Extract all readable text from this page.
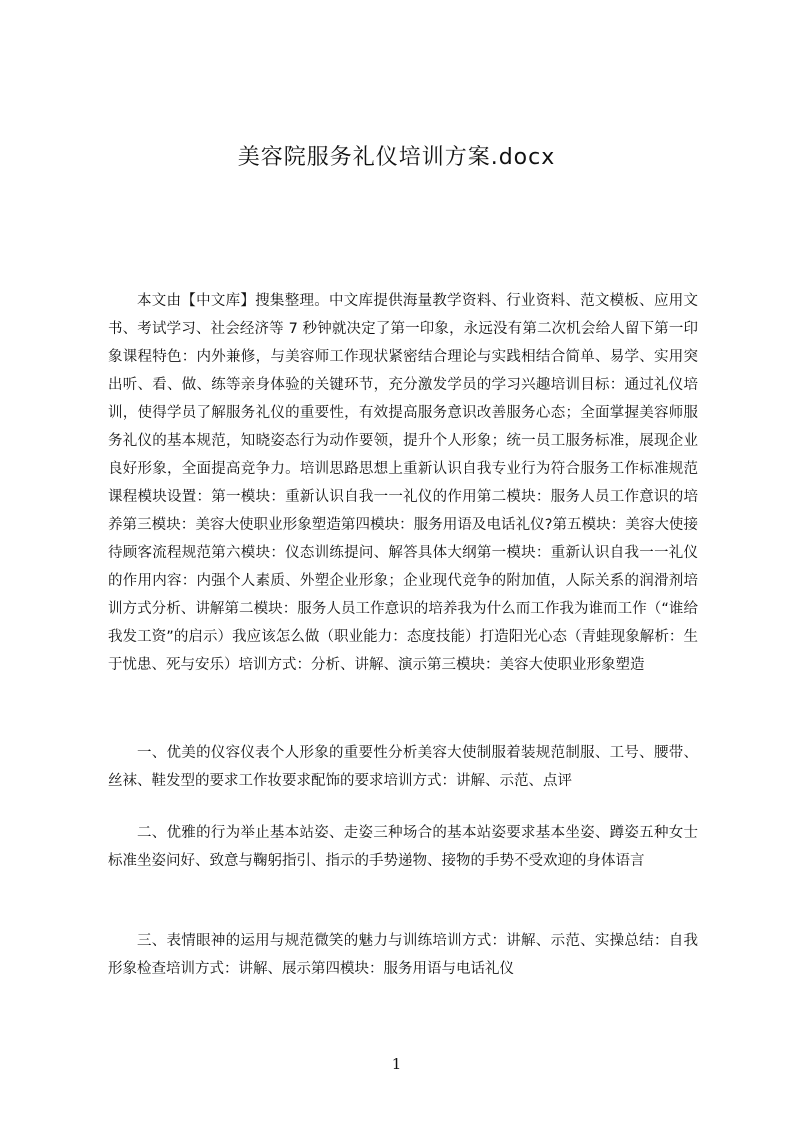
美容院服务礼仪培训方案.docx

本文由【中文库】搜集整理。中文库提供海量教学资料、行业资料、范文模板、应用文书、考试学习、社会经济等 7 秒钟就决定了第一印象，永远没有第二次机会给人留下第一印象课程特色：内外兼修，与美容师工作现状紧密结合理论与实践相结合简单、易学、实用突出听、看、做、练等亲身体验的关键环节，充分激发学员的学习兴趣培训目标：通过礼仪培训，使得学员了解服务礼仪的重要性，有效提高服务意识改善服务心态；全面掌握美容师服务礼仪的基本规范，知晓姿态行为动作要领，提升个人形象；统一员工服务标准，展现企业良好形象，全面提高竞争力。培训思路思想上重新认识自我专业行为符合服务工作标准规范课程模块设置：第一模块：重新认识自我一一礼仪的作用第二模块：服务人员工作意识的培养第三模块：美容大使职业形象塑造第四模块：服务用语及电话礼仪?第五模块：美容大使接待顾客流程规范第六模块：仪态训练提问、解答具体大纲第一模块：重新认识自我一一礼仪的作用内容：内强个人素质、外塑企业形象；企业现代竞争的附加值，人际关系的润滑剂培训方式分析、讲解第二模块：服务人员工作意识的培养我为什么而工作我为谁而工作（“谁给我发工资”的启示）我应该怎么做（职业能力：态度技能）打造阳光心态（青蛙现象解析：生于忧患、死与安乐）培训方式：分析、讲解、演示第三模块：美容大使职业形象塑造

一、优美的仪容仪表个人形象的重要性分析美容大使制服着装规范制服、工号、腰带、丝袜、鞋发型的要求工作妆要求配饰的要求培训方式：讲解、示范、点评

二、优雅的行为举止基本站姿、走姿三种场合的基本站姿要求基本坐姿、蹲姿五种女士标准坐姿问好、致意与鞠躬指引、指示的手势递物、接物的手势不受欢迎的身体语言

三、表情眼神的运用与规范微笑的魅力与训练培训方式：讲解、示范、实操总结：自我形象检查培训方式：讲解、展示第四模块：服务用语与电话礼仪

1
